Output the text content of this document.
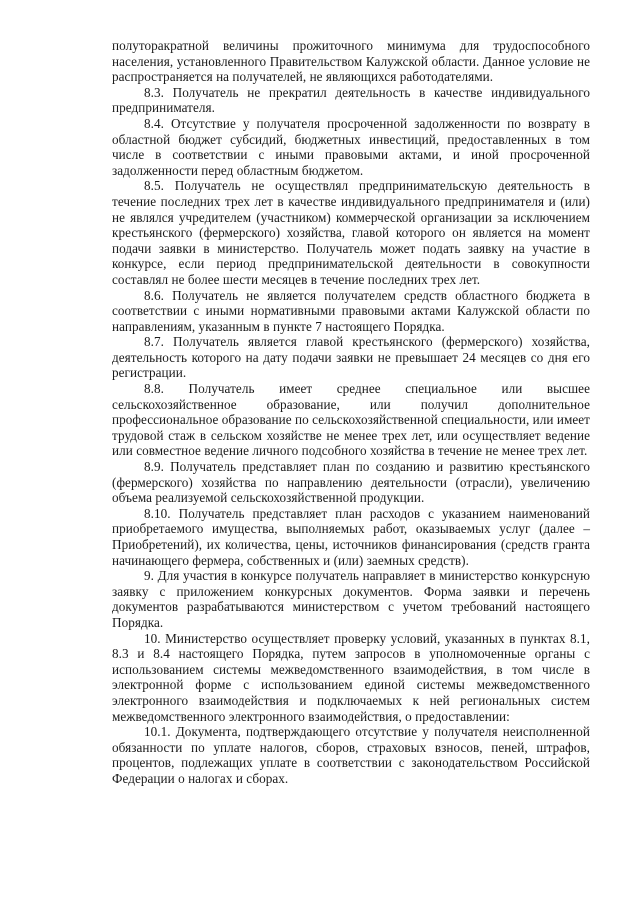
полуторакратной величины прожиточного минимума для трудоспособного населения, установленного Правительством Калужской области. Данное условие не распространяется на получателей, не являющихся работодателями.

8.3. Получатель не прекратил деятельность в качестве индивидуального предпринимателя.

8.4. Отсутствие у получателя просроченной задолженности по возврату в областной бюджет субсидий, бюджетных инвестиций, предоставленных в том числе в соответствии с иными правовыми актами, и иной просроченной задолженности перед областным бюджетом.

8.5. Получатель не осуществлял предпринимательскую деятельность в течение последних трех лет в качестве индивидуального предпринимателя и (или) не являлся учредителем (участником) коммерческой организации за исключением крестьянского (фермерского) хозяйства, главой которого он является на момент подачи заявки в министерство. Получатель может подать заявку на участие в конкурсе, если период предпринимательской деятельности в совокупности составлял не более шести месяцев в течение последних трех лет.

8.6. Получатель не является получателем средств областного бюджета в соответствии с иными нормативными правовыми актами Калужской области по направлениям, указанным в пункте 7 настоящего Порядка.

8.7. Получатель является главой крестьянского (фермерского) хозяйства, деятельность которого на дату подачи заявки не превышает 24 месяцев со дня его регистрации.

8.8. Получатель имеет среднее специальное или высшее сельскохозяйственное образование, или получил дополнительное профессиональное образование по сельскохозяйственной специальности, или имеет трудовой стаж в сельском хозяйстве не менее трех лет, или осуществляет ведение или совместное ведение личного подсобного хозяйства в течение не менее трех лет.

8.9. Получатель представляет план по созданию и развитию крестьянского (фермерского) хозяйства по направлению деятельности (отрасли), увеличению объема реализуемой сельскохозяйственной продукции.

8.10. Получатель представляет план расходов с указанием наименований приобретаемого имущества, выполняемых работ, оказываемых услуг (далее – Приобретений), их количества, цены, источников финансирования (средств гранта начинающего фермера, собственных и (или) заемных средств).

9. Для участия в конкурсе получатель направляет в министерство конкурсную заявку с приложением конкурсных документов. Форма заявки и перечень документов разрабатываются министерством с учетом требований настоящего Порядка.

10. Министерство осуществляет проверку условий, указанных в пунктах 8.1, 8.3 и 8.4 настоящего Порядка, путем запросов в уполномоченные органы с использованием системы межведомственного взаимодействия, в том числе в электронной форме с использованием единой системы межведомственного электронного взаимодействия и подключаемых к ней региональных систем межведомственного электронного взаимодействия, о предоставлении:

10.1. Документа, подтверждающего отсутствие у получателя неисполненной обязанности по уплате налогов, сборов, страховых взносов, пеней, штрафов, процентов, подлежащих уплате в соответствии с законодательством Российской Федерации о налогах и сборах.
